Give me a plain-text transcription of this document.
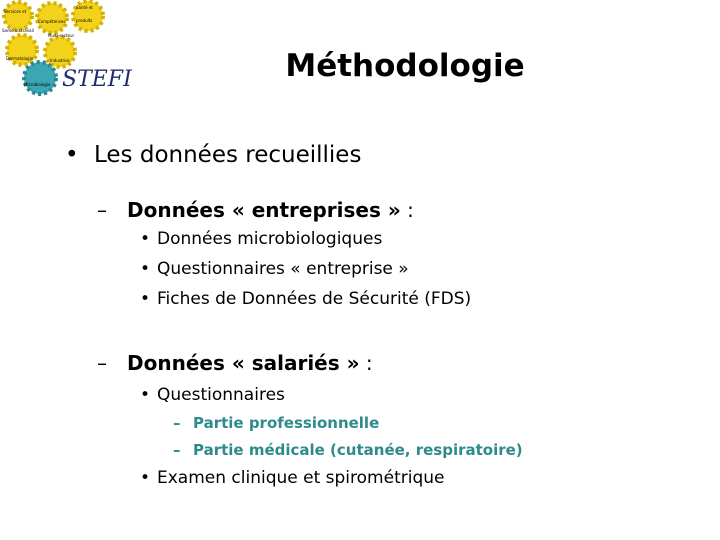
Services et
Santé et
Compétences	produits
Santé au travail
Multi-secteur
Dermatologie	Industries
Microbiologie STEFI	Méthodologie
• Les données recueillies
– Données « entreprises » :
• Données microbiologiques
• Questionnaires « entreprise »
• Fiches de Données de Sécurité (FDS)
– Données « salariés » :
• Questionnaires
– Partie professionnelle
– Partie médicale (cutanée, respiratoire)
• Examen clinique et spirométrique
